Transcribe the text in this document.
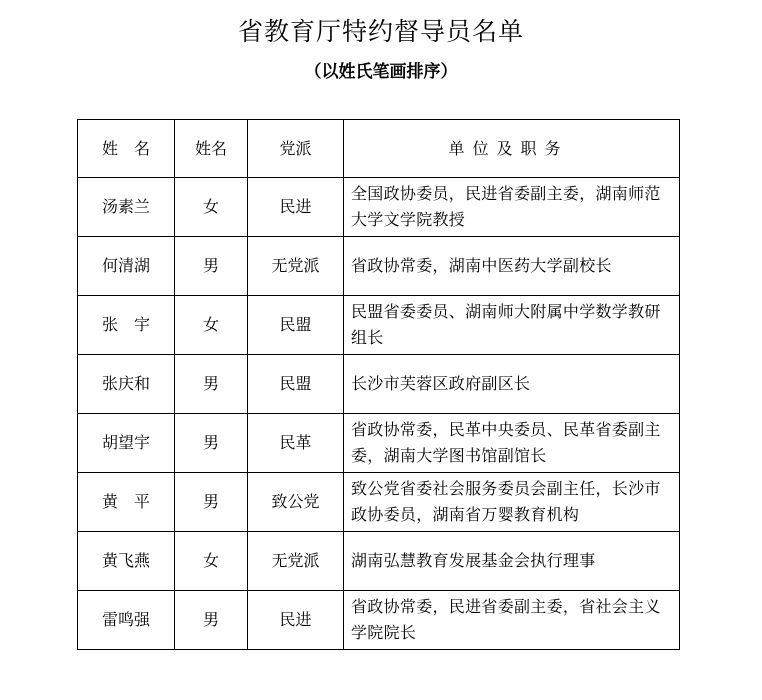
省教育厅特约督导员名单
（以姓氏笔画排序）
姓　名	姓名	党派	单位及职务
汤素兰	女	民进	全国政协委员，民进省委副主委，湖南师范大学文学院教授

何清湖	男	无党派	省政协常委，湖南中医药大学副校长

张　宇	女	民盟	民盟省委委员、湖南师大附属中学数学教研组长

张庆和	男	民盟	长沙市芙蓉区政府副区长

胡望宇	男	民革	省政协常委，民革中央委员、民革省委副主委，湖南大学图书馆副馆长

黄　平	男	致公党	致公党省委社会服务委员会副主任，长沙市政协委员，湖南省万婴教育机构

黄飞燕	女	无党派	湖南弘慧教育发展基金会执行理事

雷鸣强	男	民进	省政协常委，民进省委副主委，省社会主义学院院长
